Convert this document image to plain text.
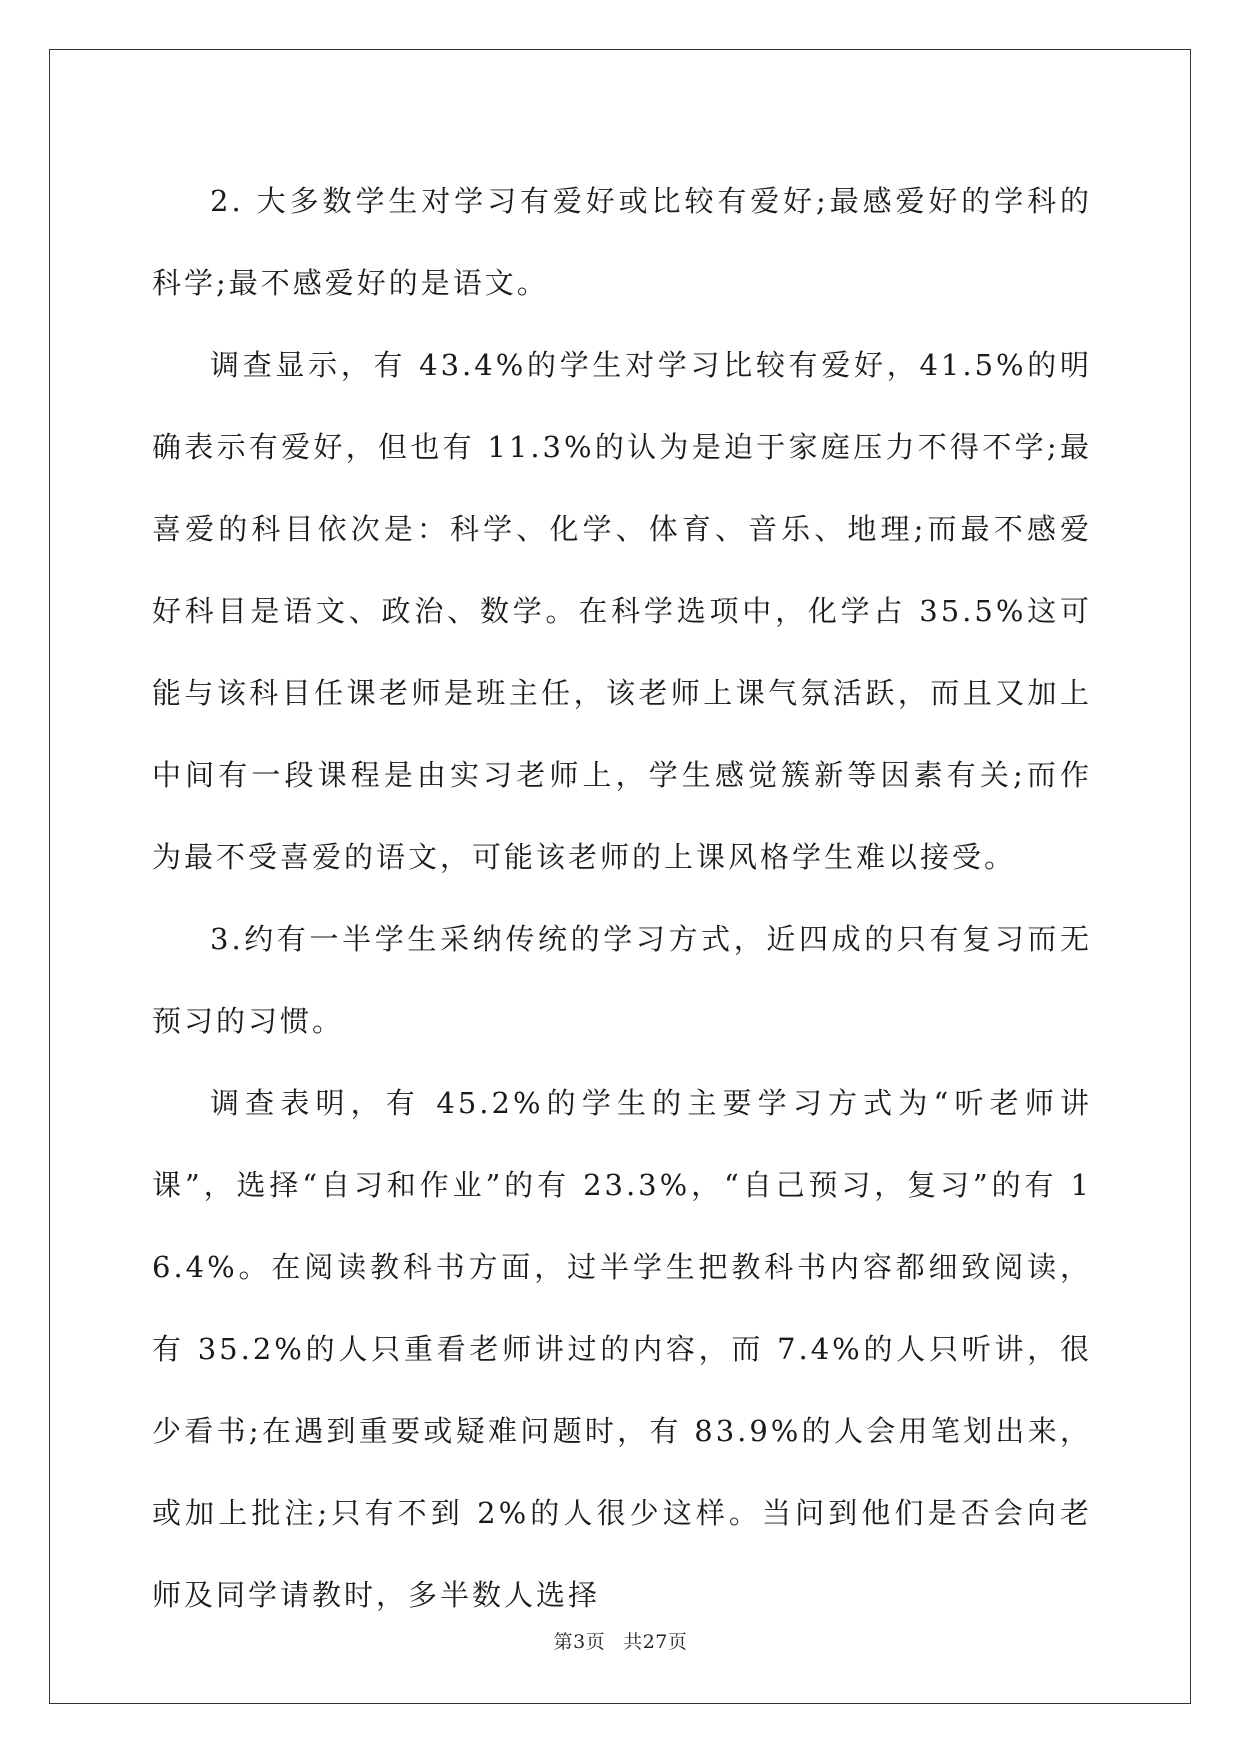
2. 大多数学生对学习有爱好或比较有爱好;最感爱好的学科的科学;最不感爱好的是语文。

调查显示，有 43.4%的学生对学习比较有爱好，41.5%的明确表示有爱好，但也有 11.3%的认为是迫于家庭压力不得不学;最喜爱的科目依次是：科学、化学、体育、音乐、地理;而最不感爱好科目是语文、政治、数学。在科学选项中，化学占 35.5%这可能与该科目任课老师是班主任，该老师上课气氛活跃，而且又加上中间有一段课程是由实习老师上，学生感觉簇新等因素有关;而作为最不受喜爱的语文，可能该老师的上课风格学生难以接受。

3.约有一半学生采纳传统的学习方式，近四成的只有复习而无预习的习惯。

调查表明，有 45.2%的学生的主要学习方式为“听老师讲课”，选择“自习和作业”的有 23.3%，“自己预习，复习”的有 16.4%。在阅读教科书方面，过半学生把教科书内容都细致阅读，有 35.2%的人只重看老师讲过的内容，而 7.4%的人只听讲，很少看书;在遇到重要或疑难问题时，有 83.9%的人会用笔划出来，或加上批注;只有不到 2%的人很少这样。当问到他们是否会向老师及同学请教时，多半数人选择

第3页 共27页
